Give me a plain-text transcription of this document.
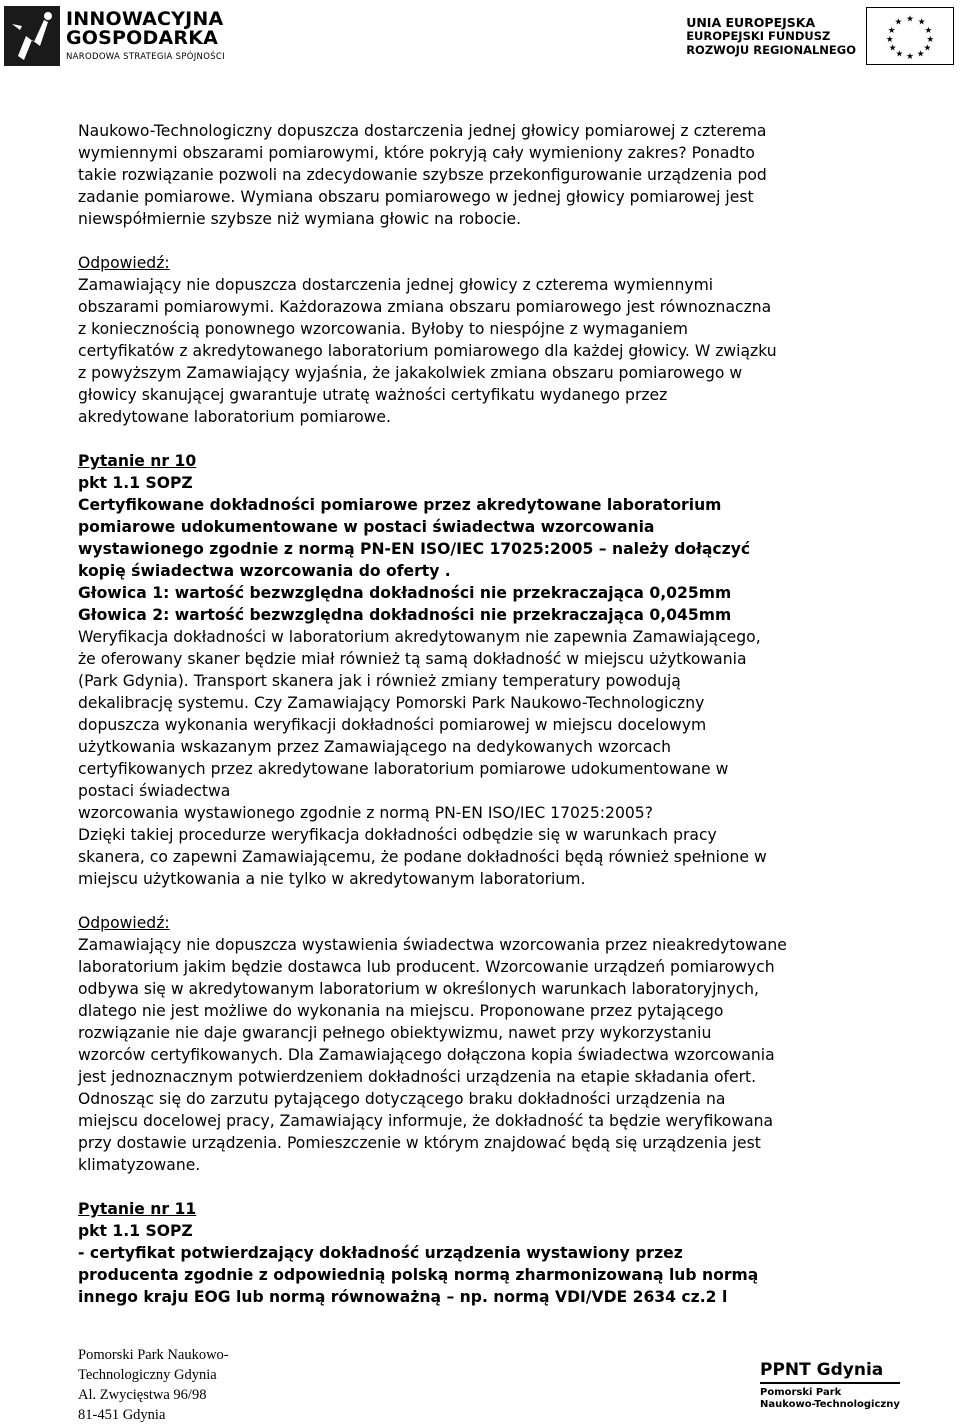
INNOWACYJNA
GOSPODARKA
NARODOWA STRATEGIA SPÓJNOŚCI
UNIA EUROPEJSKA
EUROPEJSKI FUNDUSZ
ROZWOJU REGIONALNEGO
★ ★
★
★
★
★
★
★
★
★
★
★

Naukowo-Technologiczny dopuszcza dostarczenia jednej głowicy pomiarowej z czterema

wymiennymi obszarami pomiarowymi, które pokryją cały wymieniony zakres? Ponadto

takie rozwiązanie pozwoli na zdecydowanie szybsze przekonfigurowanie urządzenia pod

zadanie pomiarowe. Wymiana obszaru pomiarowego w jednej głowicy pomiarowej jest

niewspółmiernie szybsze niż wymiana głowic na robocie.

Odpowiedź:

Zamawiający nie dopuszcza dostarczenia jednej głowicy z czterema wymiennymi

obszarami pomiarowymi. Każdorazowa zmiana obszaru pomiarowego jest równoznaczna

z koniecznością ponownego wzorcowania. Byłoby to niespójne z wymaganiem

certyfikatów z akredytowanego laboratorium pomiarowego dla każdej głowicy. W związku

z powyższym Zamawiający wyjaśnia, że jakakolwiek zmiana obszaru pomiarowego w

głowicy skanującej gwarantuje utratę ważności certyfikatu wydanego przez

akredytowane laboratorium pomiarowe.

Pytanie nr 10

pkt 1.1 SOPZ

Certyfikowane dokładności pomiarowe przez akredytowane laboratorium

pomiarowe udokumentowane w postaci świadectwa wzorcowania

wystawionego zgodnie z normą PN-EN ISO/IEC 17025:2005 – należy dołączyć

kopię świadectwa wzorcowania do oferty .

Głowica 1: wartość bezwzględna dokładności nie przekraczająca 0,025mm

Głowica 2: wartość bezwzględna dokładności nie przekraczająca 0,045mm

Weryfikacja dokładności w laboratorium akredytowanym nie zapewnia Zamawiającego,

że oferowany skaner będzie miał również tą samą dokładność w miejscu użytkowania

(Park Gdynia). Transport skanera jak i również zmiany temperatury powodują

dekalibrację systemu. Czy Zamawiający Pomorski Park Naukowo-Technologiczny

dopuszcza wykonania weryfikacji dokładności pomiarowej w miejscu docelowym

użytkowania wskazanym przez Zamawiającego na dedykowanych wzorcach

certyfikowanych przez akredytowane laboratorium pomiarowe udokumentowane w

postaci świadectwa

wzorcowania wystawionego zgodnie z normą PN-EN ISO/IEC 17025:2005?

Dzięki takiej procedurze weryfikacja dokładności odbędzie się w warunkach pracy

skanera, co zapewni Zamawiającemu, że podane dokładności będą również spełnione w

miejscu użytkowania a nie tylko w akredytowanym laboratorium.

Odpowiedź:

Zamawiający nie dopuszcza wystawienia świadectwa wzorcowania przez nieakredytowane

laboratorium jakim będzie dostawca lub producent. Wzorcowanie urządzeń pomiarowych

odbywa się w akredytowanym laboratorium w określonych warunkach laboratoryjnych,

dlatego nie jest możliwe do wykonania na miejscu. Proponowane przez pytającego

rozwiązanie nie daje gwarancji pełnego obiektywizmu, nawet przy wykorzystaniu

wzorców certyfikowanych. Dla Zamawiającego dołączona kopia świadectwa wzorcowania

jest jednoznacznym potwierdzeniem dokładności urządzenia na etapie składania ofert.

Odnosząc się do zarzutu pytającego dotyczącego braku dokładności urządzenia na

miejscu docelowej pracy, Zamawiający informuje, że dokładność ta będzie weryfikowana

przy dostawie urządzenia. Pomieszczenie w którym znajdować będą się urządzenia jest

klimatyzowane.

Pytanie nr 11

pkt 1.1 SOPZ

- certyfikat potwierdzający dokładność urządzenia wystawiony przez

producenta zgodnie z odpowiednią polską normą zharmonizowaną lub normą

innego kraju EOG lub normą równoważną – np. normą VDI/VDE 2634 cz.2 l

Pomorski Park Naukowo-
Technologiczny Gdynia
Al. Zwycięstwa 96/98
81-451 Gdynia
PPNT Gdynia
Pomorski Park
Naukowo-Technologiczny
